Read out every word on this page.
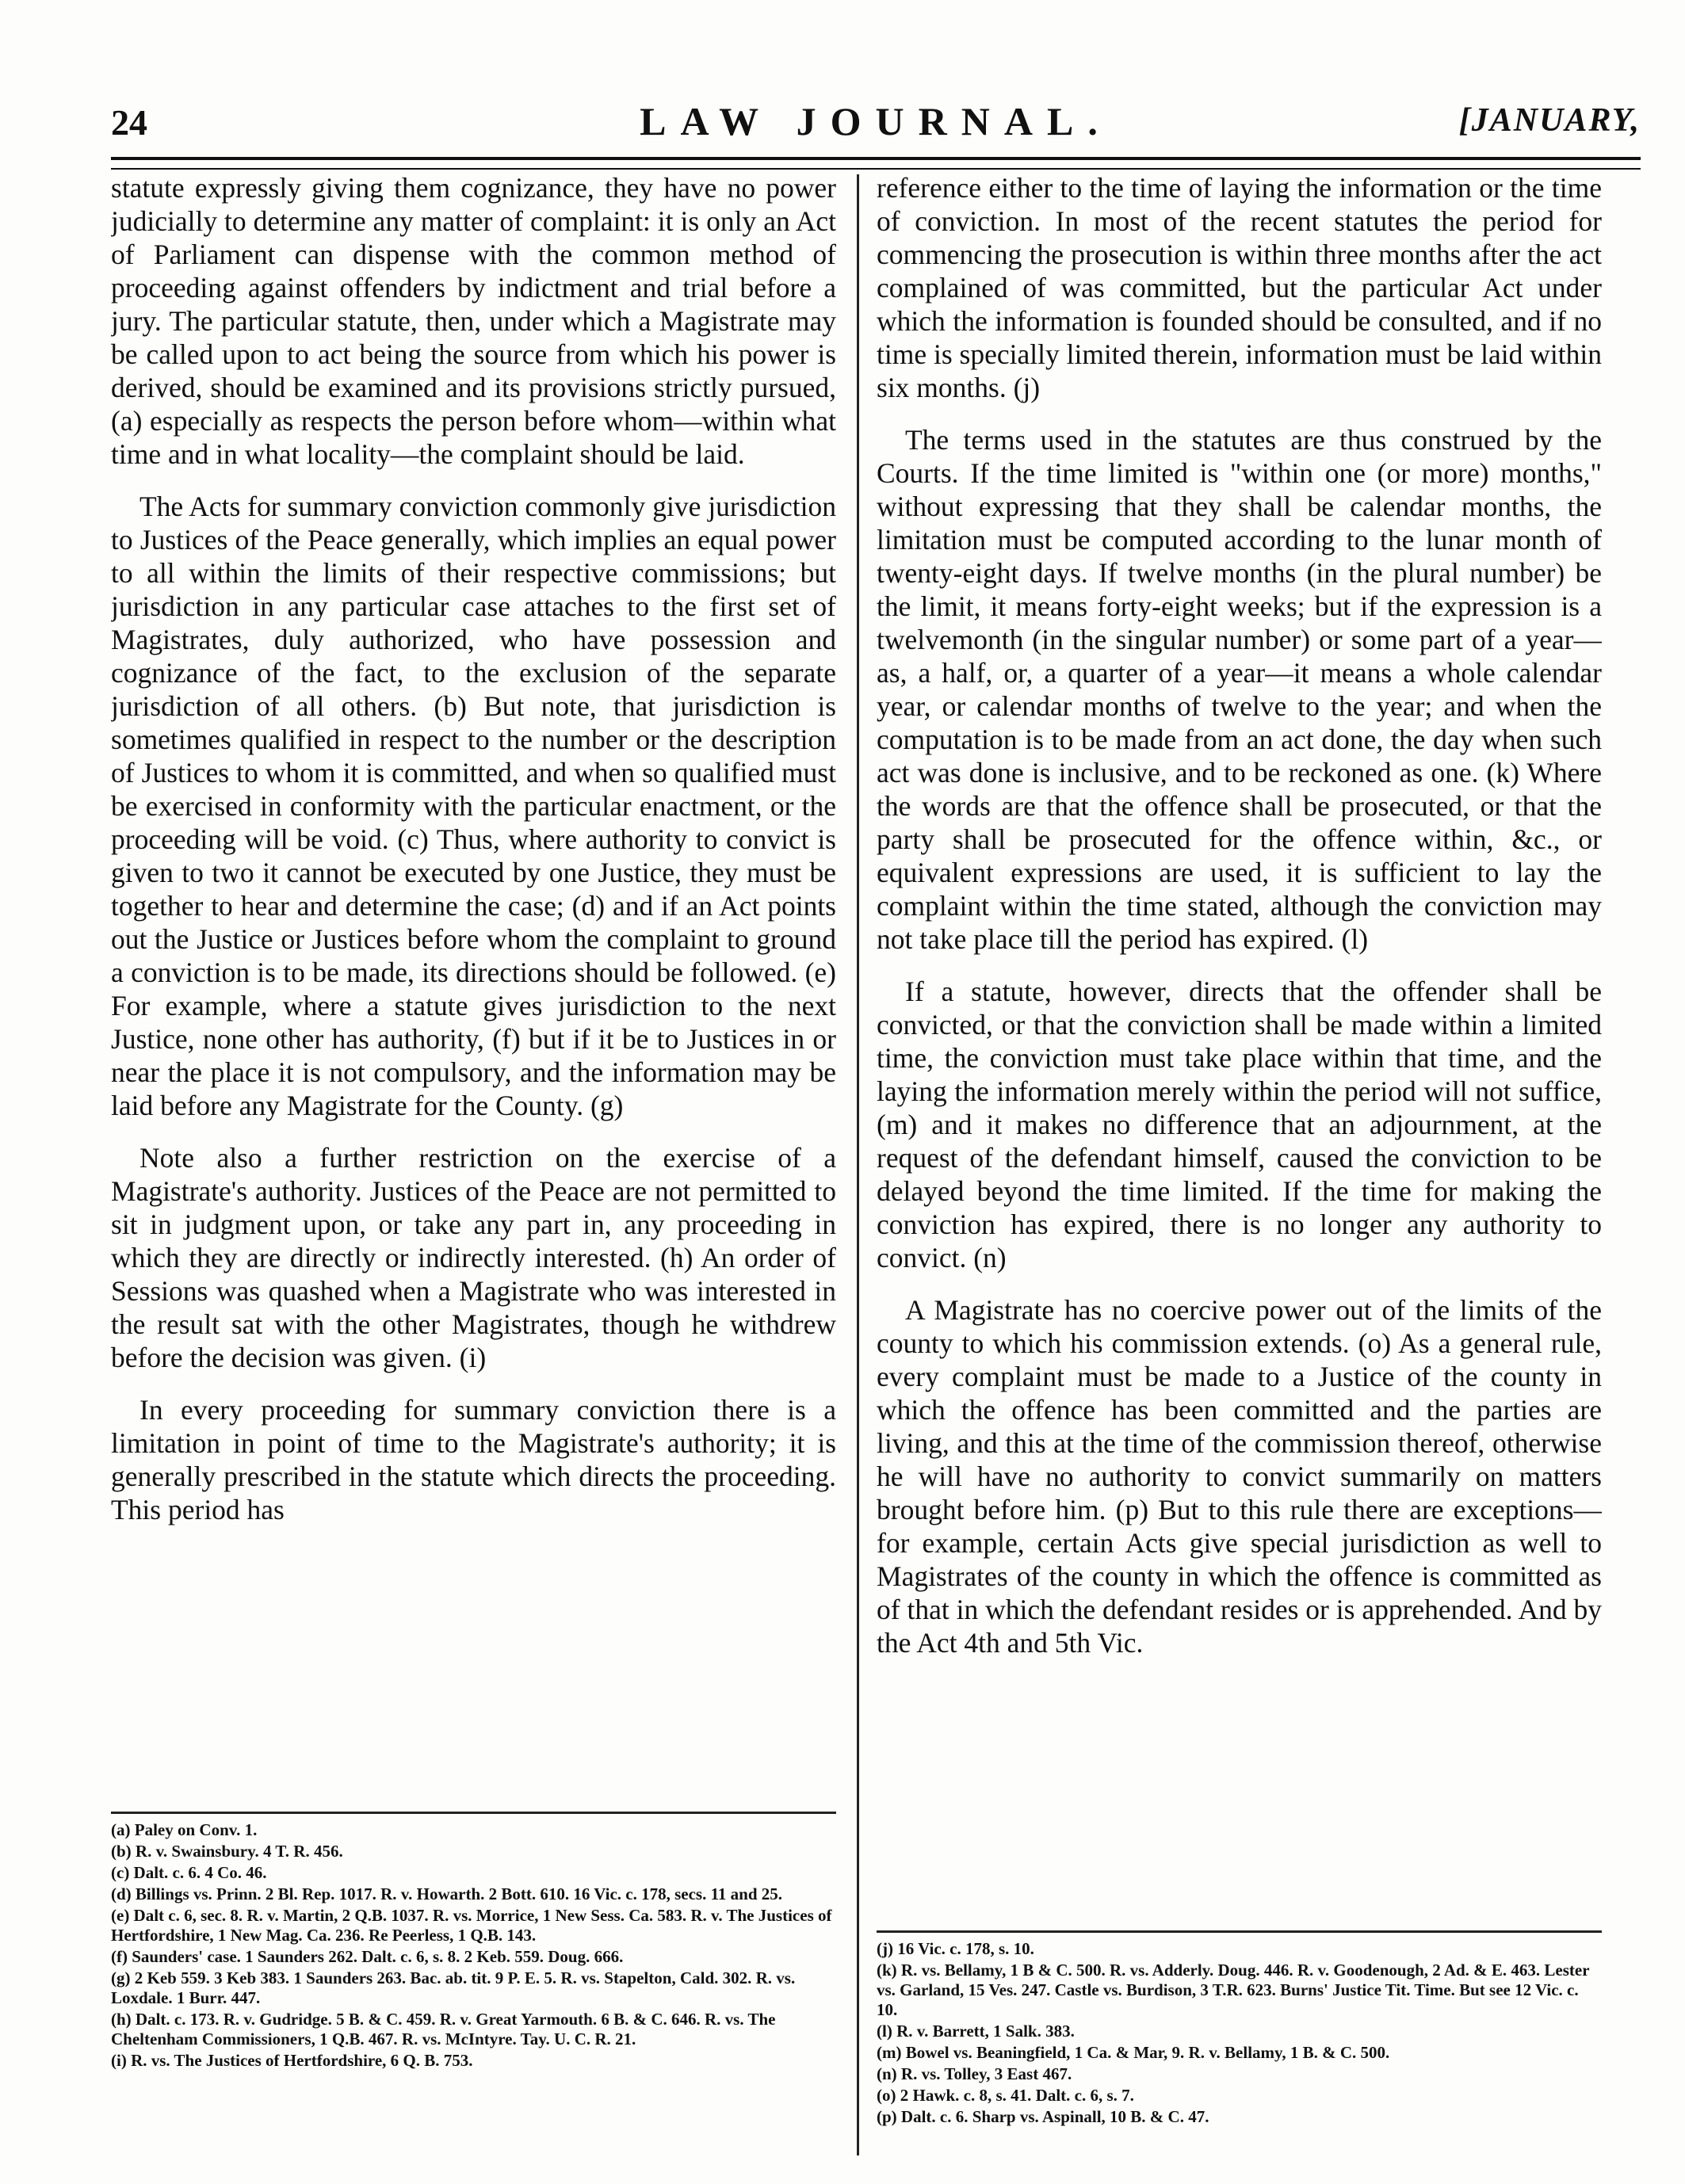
24	LAW JOURNAL.	[JANUARY,

statute expressly giving them cognizance, they have no power judicially to determine any matter of complaint: it is only an Act of Parliament can dispense with the common method of proceeding against offenders by indictment and trial before a jury. The particular statute, then, under which a Magistrate may be called upon to act being the source from which his power is derived, should be examined and its provisions strictly pursued, (a) especially as respects the person before whom—within what time and in what locality—the complaint should be laid.

The Acts for summary conviction commonly give jurisdiction to Justices of the Peace generally, which implies an equal power to all within the limits of their respective commissions; but jurisdiction in any particular case attaches to the first set of Magistrates, duly authorized, who have possession and cognizance of the fact, to the exclusion of the separate jurisdiction of all others. (b) But note, that jurisdiction is sometimes qualified in respect to the number or the description of Justices to whom it is committed, and when so qualified must be exercised in conformity with the particular enactment, or the proceeding will be void. (c) Thus, where authority to convict is given to two it cannot be executed by one Justice, they must be together to hear and determine the case; (d) and if an Act points out the Justice or Justices before whom the complaint to ground a conviction is to be made, its directions should be followed. (e) For example, where a statute gives jurisdiction to the next Justice, none other has authority, (f) but if it be to Justices in or near the place it is not compulsory, and the information may be laid before any Magistrate for the County. (g)

Note also a further restriction on the exercise of a Magistrate's authority. Justices of the Peace are not permitted to sit in judgment upon, or take any part in, any proceeding in which they are directly or indirectly interested. (h) An order of Sessions was quashed when a Magistrate who was interested in the result sat with the other Magistrates, though he withdrew before the decision was given. (i)

In every proceeding for summary conviction there is a limitation in point of time to the Magistrate's authority; it is generally prescribed in the statute which directs the proceeding. This period has

(a) Paley on Conv. 1.
(b) R. v. Swainsbury. 4 T. R. 456.
(c) Dalt. c. 6. 4 Co. 46.
(d) Billings vs. Prinn. 2 Bl. Rep. 1017. R. v. Howarth. 2 Bott. 610. 16 Vic. c. 178, secs. 11 and 25.
(e) Dalt c. 6, sec. 8. R. v. Martin, 2 Q.B. 1037. R. vs. Morrice, 1 New Sess. Ca. 583. R. v. The Justices of Hertfordshire, 1 New Mag. Ca. 236. Re Peerless, 1 Q.B. 143.
(f) Saunders' case. 1 Saunders 262. Dalt. c. 6, s. 8. 2 Keb. 559. Doug. 666.
(g) 2 Keb 559. 3 Keb 383. 1 Saunders 263. Bac. ab. tit. 9 P. E. 5. R. vs. Stapelton, Cald. 302. R. vs. Loxdale. 1 Burr. 447.
(h) Dalt. c. 173. R. v. Gudridge. 5 B. & C. 459. R. v. Great Yarmouth. 6 B. & C. 646. R. vs. The Cheltenham Commissioners, 1 Q.B. 467. R. vs. McIntyre. Tay. U. C. R. 21.
(i) R. vs. The Justices of Hertfordshire, 6 Q. B. 753.

reference either to the time of laying the information or the time of conviction. In most of the recent statutes the period for commencing the prosecution is within three months after the act complained of was committed, but the particular Act under which the information is founded should be consulted, and if no time is specially limited therein, information must be laid within six months. (j)

The terms used in the statutes are thus construed by the Courts. If the time limited is "within one (or more) months," without expressing that they shall be calendar months, the limitation must be computed according to the lunar month of twenty-eight days. If twelve months (in the plural number) be the limit, it means forty-eight weeks; but if the expression is a twelvemonth (in the singular number) or some part of a year—as, a half, or, a quarter of a year—it means a whole calendar year, or calendar months of twelve to the year; and when the computation is to be made from an act done, the day when such act was done is inclusive, and to be reckoned as one. (k) Where the words are that the offence shall be prosecuted, or that the party shall be prosecuted for the offence within, &c., or equivalent expressions are used, it is sufficient to lay the complaint within the time stated, although the conviction may not take place till the period has expired. (l)

If a statute, however, directs that the offender shall be convicted, or that the conviction shall be made within a limited time, the conviction must take place within that time, and the laying the information merely within the period will not suffice, (m) and it makes no difference that an adjournment, at the request of the defendant himself, caused the conviction to be delayed beyond the time limited. If the time for making the conviction has expired, there is no longer any authority to convict. (n)

A Magistrate has no coercive power out of the limits of the county to which his commission extends. (o) As a general rule, every complaint must be made to a Justice of the county in which the offence has been committed and the parties are living, and this at the time of the commission thereof, otherwise he will have no authority to convict summarily on matters brought before him. (p) But to this rule there are exceptions—for example, certain Acts give special jurisdiction as well to Magistrates of the county in which the offence is committed as of that in which the defendant resides or is apprehended. And by the Act 4th and 5th Vic.

(j) 16 Vic. c. 178, s. 10.
(k) R. vs. Bellamy, 1 B & C. 500. R. vs. Adderly. Doug. 446. R. v. Goodenough, 2 Ad. & E. 463. Lester vs. Garland, 15 Ves. 247. Castle vs. Burdison, 3 T.R. 623. Burns' Justice Tit. Time. But see 12 Vic. c. 10.
(l) R. v. Barrett, 1 Salk. 383.
(m) Bowel vs. Beaningfield, 1 Ca. & Mar, 9. R. v. Bellamy, 1 B. & C. 500.
(n) R. vs. Tolley, 3 East 467.
(o) 2 Hawk. c. 8, s. 41. Dalt. c. 6, s. 7.
(p) Dalt. c. 6. Sharp vs. Aspinall, 10 B. & C. 47.
